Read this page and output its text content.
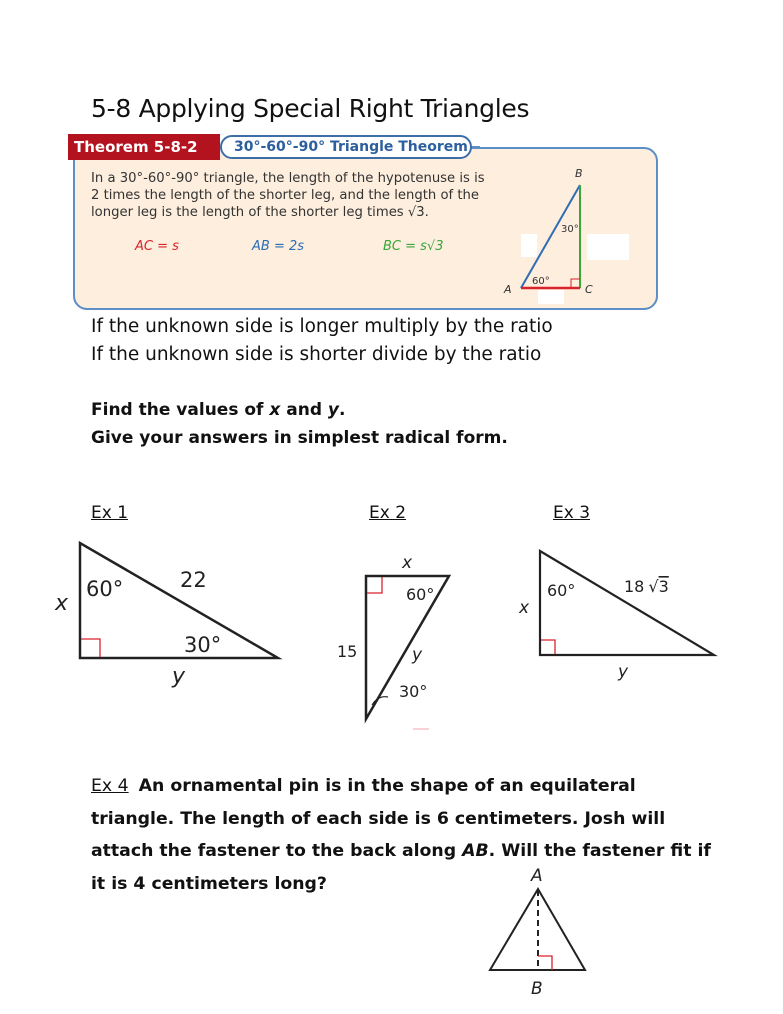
5-8 Applying Special Right Triangles
Theorem 5-8-2	30°-60°-90° Triangle Theorem
In a 30°-60°-90° triangle, the length of the hypotenuse is is 2 times the length of the shorter leg, and the length of the longer leg is the length of the shorter leg times √3.
AC = s	AB = 2s	BC = s√3
B
A	C
30°
60°
If the unknown side is longer multiply by the ratio
If the unknown side is shorter divide by the ratio
Find the values of x and y.
Give your answers in simplest radical form.
Ex 1	Ex 2	Ex 3
60°	22
30°
x
y
x
60°
15	y
30°
60°	18 √3
x
y
Ex 4 An ornamental pin is in the shape of an equilateral triangle. The length of each side is 6 centimeters. Josh will attach the fastener to the back along AB. Will the fastener fit if it is 4 centimeters long?	A
B
